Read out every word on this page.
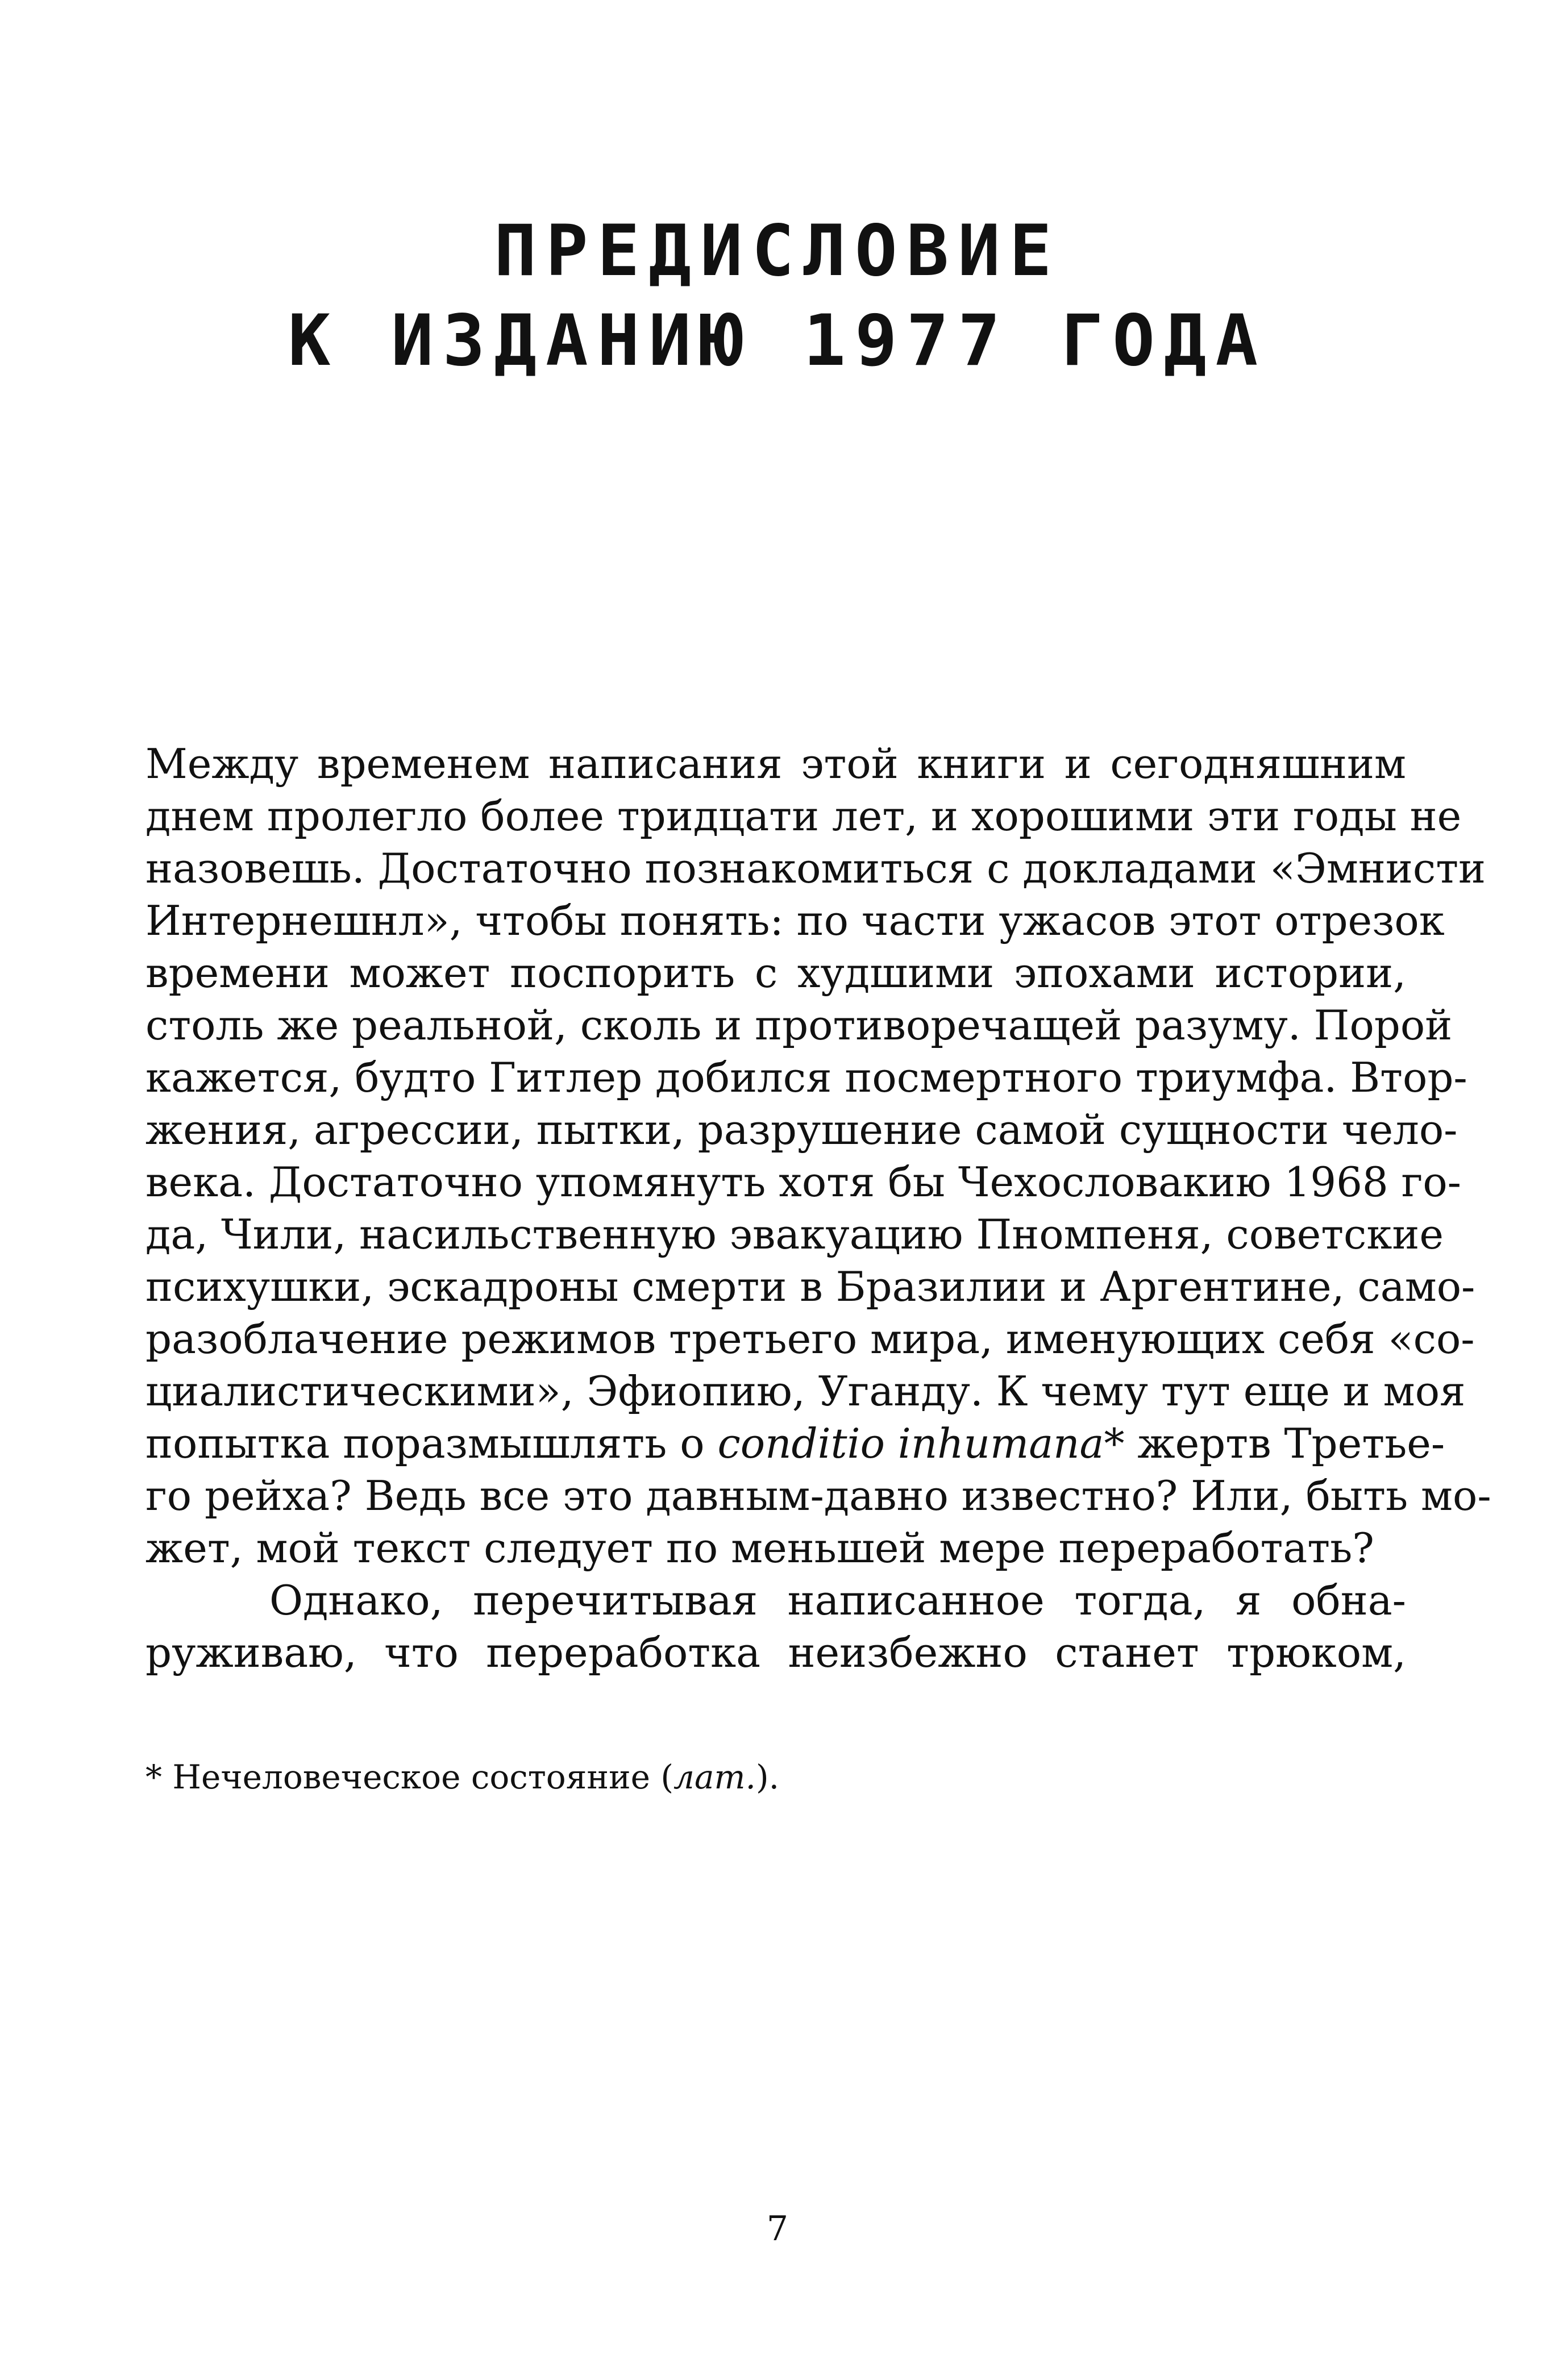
ПРЕДИСЛОВИЕ
К ИЗДАНИЮ 1977 ГОДА

Между временем написания этой книги и сегодняшним

днем пролегло более тридцати лет, и хорошими эти годы не

назовешь. Достаточно познакомиться с докладами «Эмнисти

Интернешнл», чтобы понять: по части ужасов этот отрезок

времени может поспорить с худшими эпохами истории,

столь же реальной, сколь и противоречащей разуму. Порой

кажется, будто Гитлер добился посмертного триумфа. Втор-

жения, агрессии, пытки, разрушение самой сущности чело-

века. Достаточно упомянуть хотя бы Чехословакию 1968 го-

да, Чили, насильственную эвакуацию Пномпеня, советские

психушки, эскадроны смерти в Бразилии и Аргентине, само-

разоблачение режимов третьего мира, именующих себя «со-

циалистическими», Эфиопию, Уганду. К чему тут еще и моя

попытка поразмышлять о conditio inhumana* жертв Третье-

го рейха? Ведь все это давным-давно известно? Или, быть мо-

жет, мой текст следует по меньшей мере переработать?

Однако, перечитывая написанное тогда, я обна-

руживаю, что переработка неизбежно станет трюком,

* Нечеловеческое состояние (лат.).

7
